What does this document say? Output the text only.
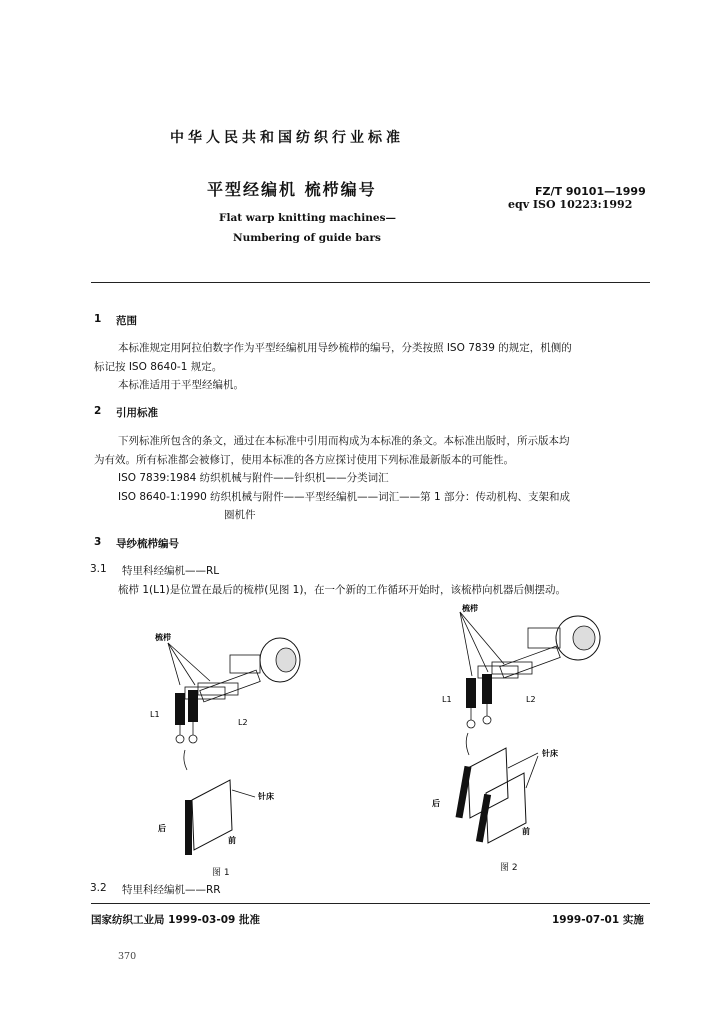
中华人民共和国纺织行业标准
平型经编机 梳栉编号	FZ/T 90101—1999
eqv ISO 10223:1992
Flat warp knitting machines—
Numbering of guide bars
1 范围
本标准规定用阿拉伯数字作为平型经编机用导纱梳栉的编号，分类按照 ISO 7839 的规定，机侧的
标记按 ISO 8640-1 规定。
本标准适用于平型经编机。
2 引用标准
下列标准所包含的条文，通过在本标准中引用而构成为本标准的条文。本标准出版时，所示版本均
为有效。所有标准都会被修订，使用本标准的各方应探讨使用下列标准最新版本的可能性。
ISO 7839:1984 纺织机械与附件——针织机——分类词汇
ISO 8640-1:1990 纺织机械与附件——平型经编机——词汇——第 1 部分：传动机构、支架和成
圈机件
3 导纱梳栉编号
3.1 特里科经编机——RL
梳栉 1(L1)是位置在最后的梳栉(见图 1)，在一个新的工作循环开始时，该梳栉向机器后侧摆动。
梳栉
L1
L2
针床
后
前
图 1
梳栉
L1	L2
针床
后
前
图 2
3.2 特里科经编机——RR
国家纺织工业局 1999-03-09 批准	1999-07-01 实施
370
